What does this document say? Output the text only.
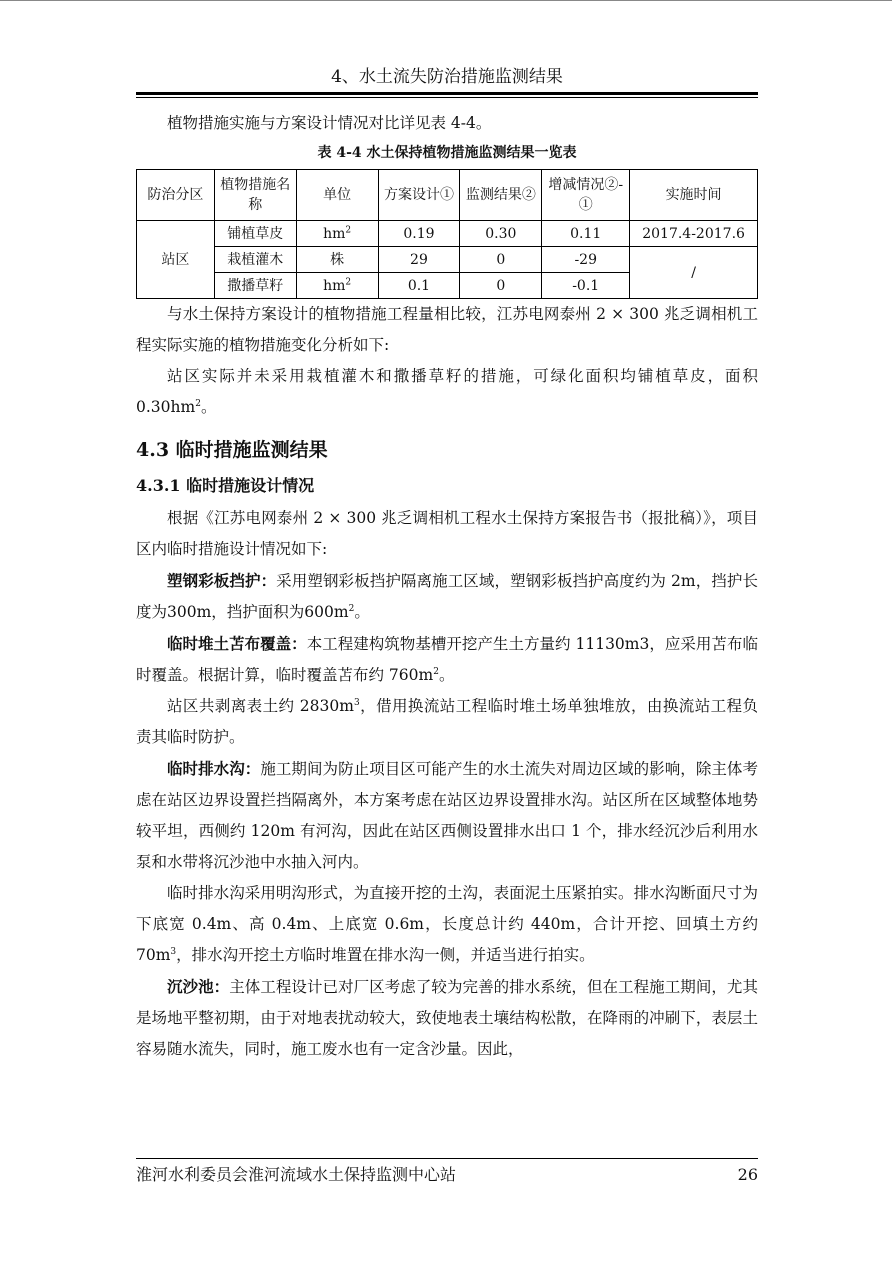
4、水土流失防治措施监测结果

植物措施实施与方案设计情况对比详见表 4-4。

表 4-4 水土保持植物措施监测结果一览表
防治分区	植物措施名称	单位	方案设计①	监测结果②	增减情况②-①	实施时间
站区	铺植草皮	$hm^2$	0.19	0.30	0.11	2017.4-2017.6
	栽植灌木	株	29	0	-29	/
	撒播草籽	$hm^2$	0.1	0	-0.1	

与水土保持方案设计的植物措施工程量相比较，江苏电网泰州 2 × 300 兆乏调相机工程实际实施的植物措施变化分析如下:

站区实际并未采用栽植灌木和撒播草籽的措施，可绿化面积均铺植草皮，面积 $0.30hm^2$。

4.3 临时措施监测结果
4.3.1 临时措施设计情况

根据《江苏电网泰州 2 × 300 兆乏调相机工程水土保持方案报告书（报批稿）》，项目区内临时措施设计情况如下:

塑钢彩板挡护：采用塑钢彩板挡护隔离施工区域，塑钢彩板挡护高度约为 2m，挡护长度为300m，挡护面积为$600m^2$。

临时堆土苫布覆盖：本工程建构筑物基槽开挖产生土方量约 11130m3，应采用苫布临时覆盖。根据计算，临时覆盖苫布约 $760m^2$。

站区共剥离表土约 $2830m^3$，借用换流站工程临时堆土场单独堆放，由换流站工程负责其临时防护。

临时排水沟：施工期间为防止项目区可能产生的水土流失对周边区域的影响，除主体考虑在站区边界设置拦挡隔离外，本方案考虑在站区边界设置排水沟。站区所在区域整体地势较平坦，西侧约 120m 有河沟，因此在站区西侧设置排水出口 1 个，排水经沉沙后利用水泵和水带将沉沙池中水抽入河内。

临时排水沟采用明沟形式，为直接开挖的土沟，表面泥土压紧拍实。排水沟断面尺寸为下底宽 0.4m、高 0.4m、上底宽 0.6m，长度总计约 440m，合计开挖、回填土方约 $70m^3$，排水沟开挖土方临时堆置在排水沟一侧，并适当进行拍实。

沉沙池：主体工程设计已对厂区考虑了较为完善的排水系统，但在工程施工期间，尤其是场地平整初期，由于对地表扰动较大，致使地表土壤结构松散，在降雨的冲刷下，表层土容易随水流失，同时，施工废水也有一定含沙量。因此，

淮河水利委员会淮河流域水土保持监测中心站	26
